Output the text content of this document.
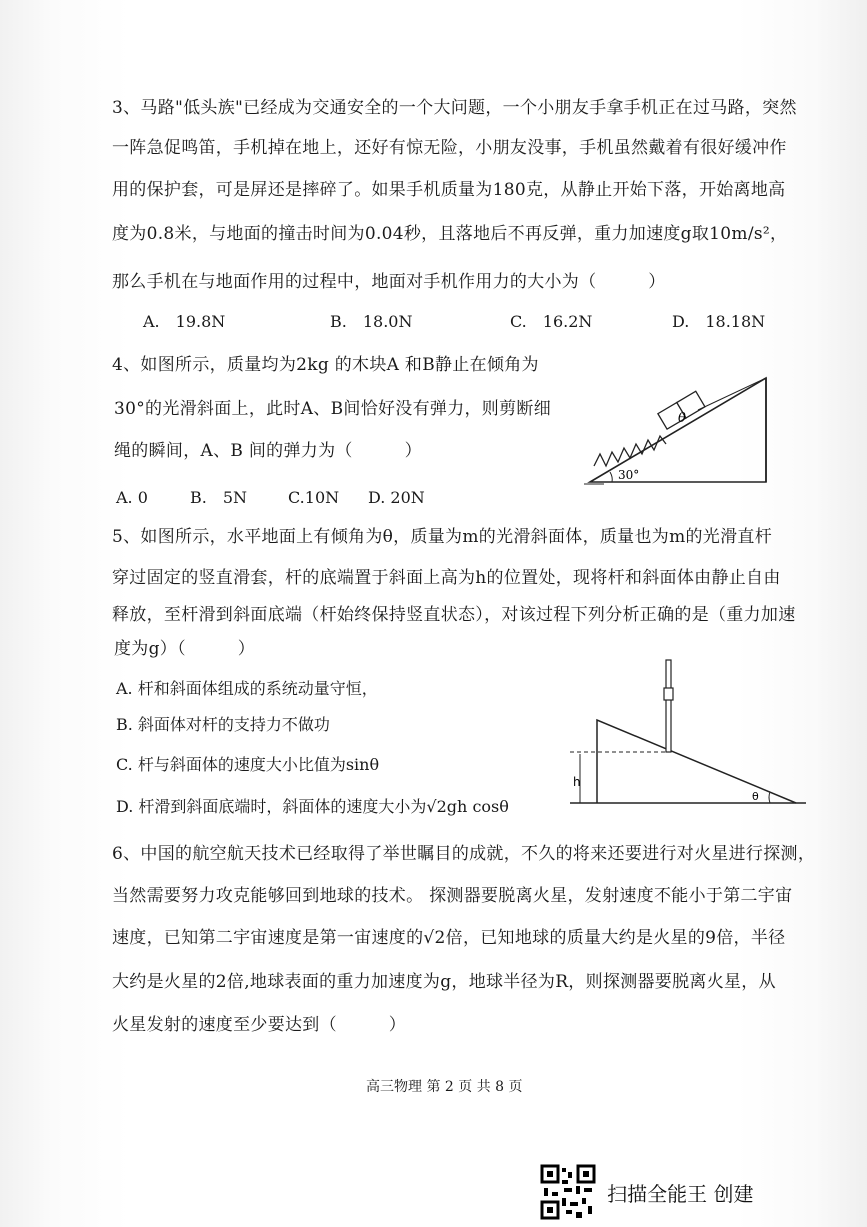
3、马路"低头族"已经成为交通安全的一个大问题，一个小朋友手拿手机正在过马路，突然
一阵急促鸣笛，手机掉在地上，还好有惊无险，小朋友没事，手机虽然戴着有很好缓冲作
用的保护套，可是屏还是摔碎了。如果手机质量为180克，从静止开始下落，开始离地高
度为0.8米，与地面的撞击时间为0.04秒，且落地后不再反弹，重力加速度g取10m/s²，
那么手机在与地面作用的过程中，地面对手机作用力的大小为（　　　）
A.　19.8N	B.　18.0N	C.　16.2N	D.　18.18N
4、如图所示，质量均为2kg 的木块A 和B静止在倾角为
30°的光滑斜面上，此时A、B间恰好没有弹力，则剪断细
绳的瞬间，A、B 间的弹力为（　　　）
A. 0	B.　5N	C.10N D. 20N
θ
30°
5、如图所示，水平地面上有倾角为θ，质量为m的光滑斜面体，质量也为m的光滑直杆
穿过固定的竖直滑套，杆的底端置于斜面上高为h的位置处，现将杆和斜面体由静止自由
释放，至杆滑到斜面底端（杆始终保持竖直状态），对该过程下列分析正确的是（重力加速
度为g）（　　　）
A. 杆和斜面体组成的系统动量守恒，
B. 斜面体对杆的支持力不做功
C. 杆与斜面体的速度大小比值为sinθ
D. 杆滑到斜面底端时，斜面体的速度大小为√2gh cosθ
h
θ
6、中国的航空航天技术已经取得了举世瞩目的成就，不久的将来还要进行对火星进行探测，
当然需要努力攻克能够回到地球的技术。 探测器要脱离火星，发射速度不能小于第二宇宙
速度，已知第二宇宙速度是第一宙速度的√2倍，已知地球的质量大约是火星的9倍，半径
大约是火星的2倍,地球表面的重力加速度为g，地球半径为R，则探测器要脱离火星，从
火星发射的速度至少要达到（　　　）
高三物理 第 2 页 共 8 页
扫描全能王 创建
